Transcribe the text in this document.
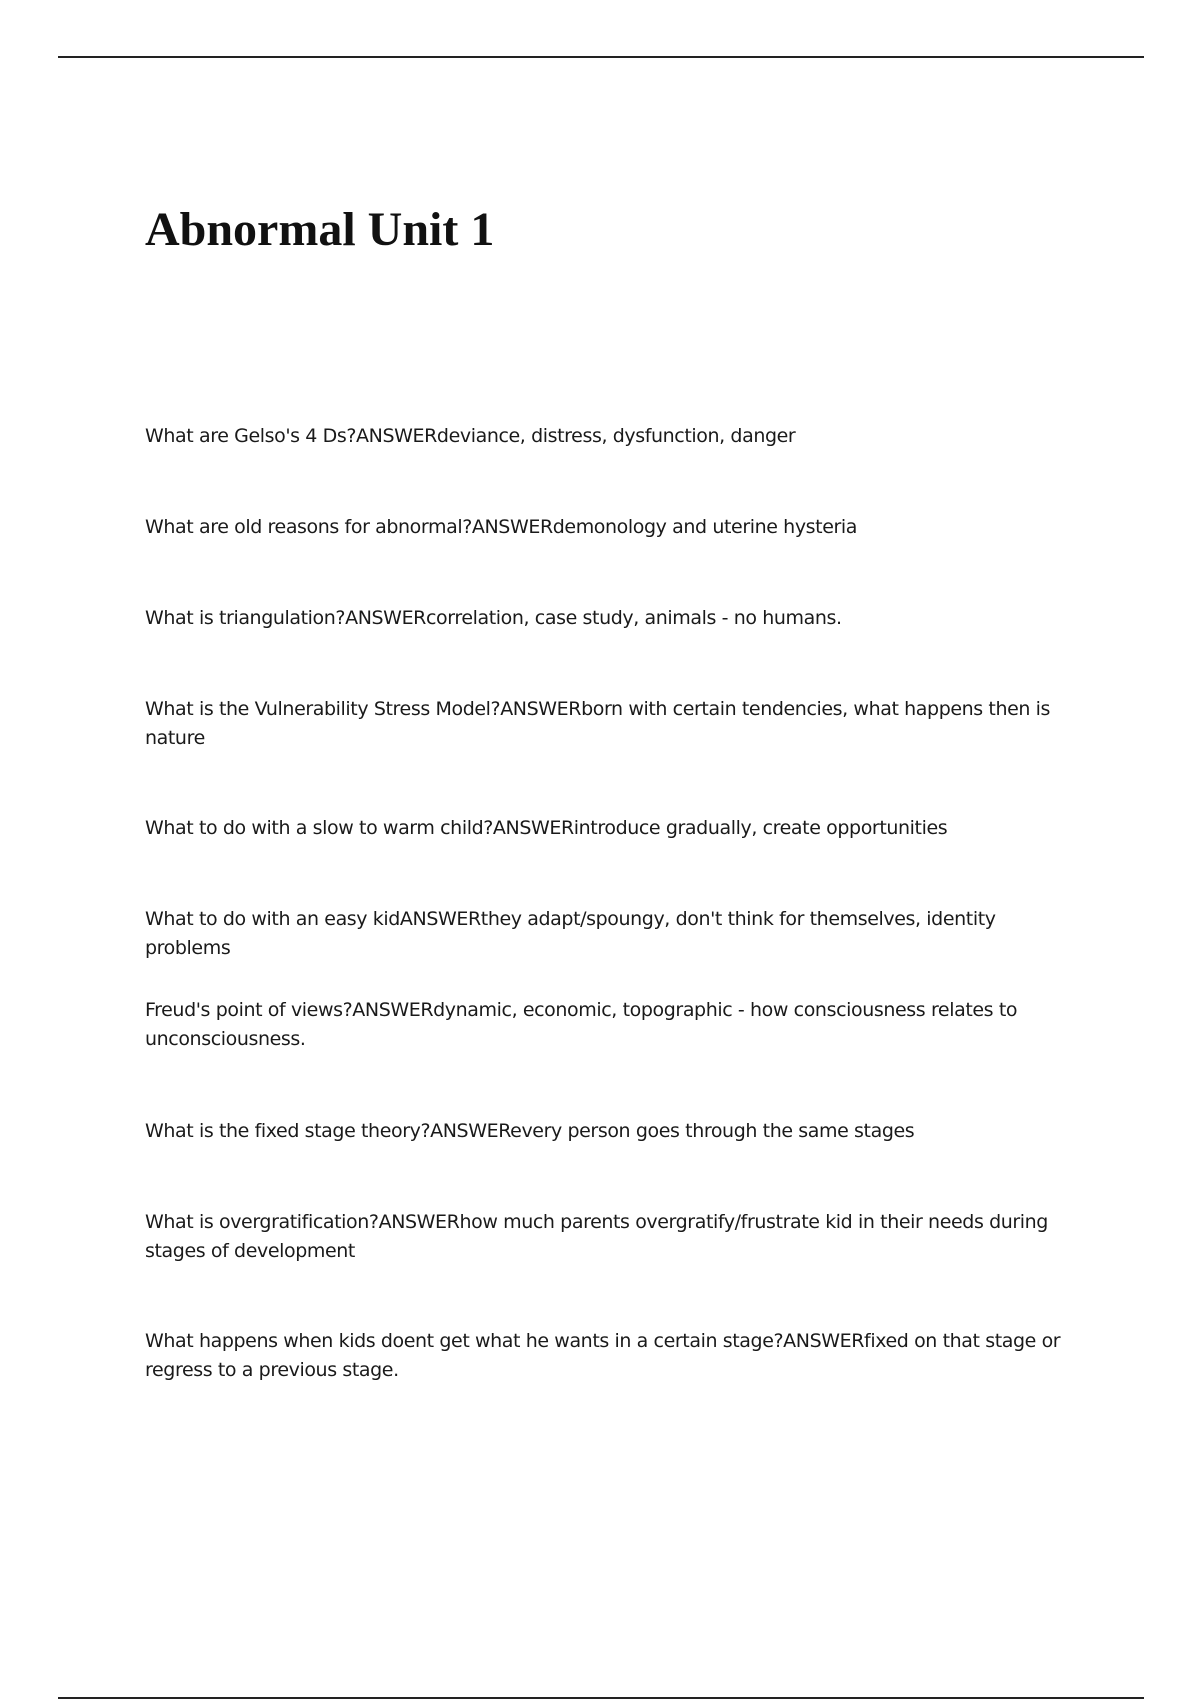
Abnormal Unit 1

What are Gelso's 4 Ds?ANSWERdeviance, distress, dysfunction, danger

What are old reasons for abnormal?ANSWERdemonology and uterine hysteria

What is triangulation?ANSWERcorrelation, case study, animals - no humans.

What is the Vulnerability Stress Model?ANSWERborn with certain tendencies, what happens then is nature

What to do with a slow to warm child?ANSWERintroduce gradually, create opportunities

What to do with an easy kidANSWERthey adapt/spoungy, don't think for themselves, identity problems

Freud's point of views?ANSWERdynamic, economic, topographic - how consciousness relates to unconsciousness.

What is the fixed stage theory?ANSWERevery person goes through the same stages

What is overgratification?ANSWERhow much parents overgratify/frustrate kid in their needs during stages of development

What happens when kids doent get what he wants in a certain stage?ANSWERfixed on that stage or regress to a previous stage.
